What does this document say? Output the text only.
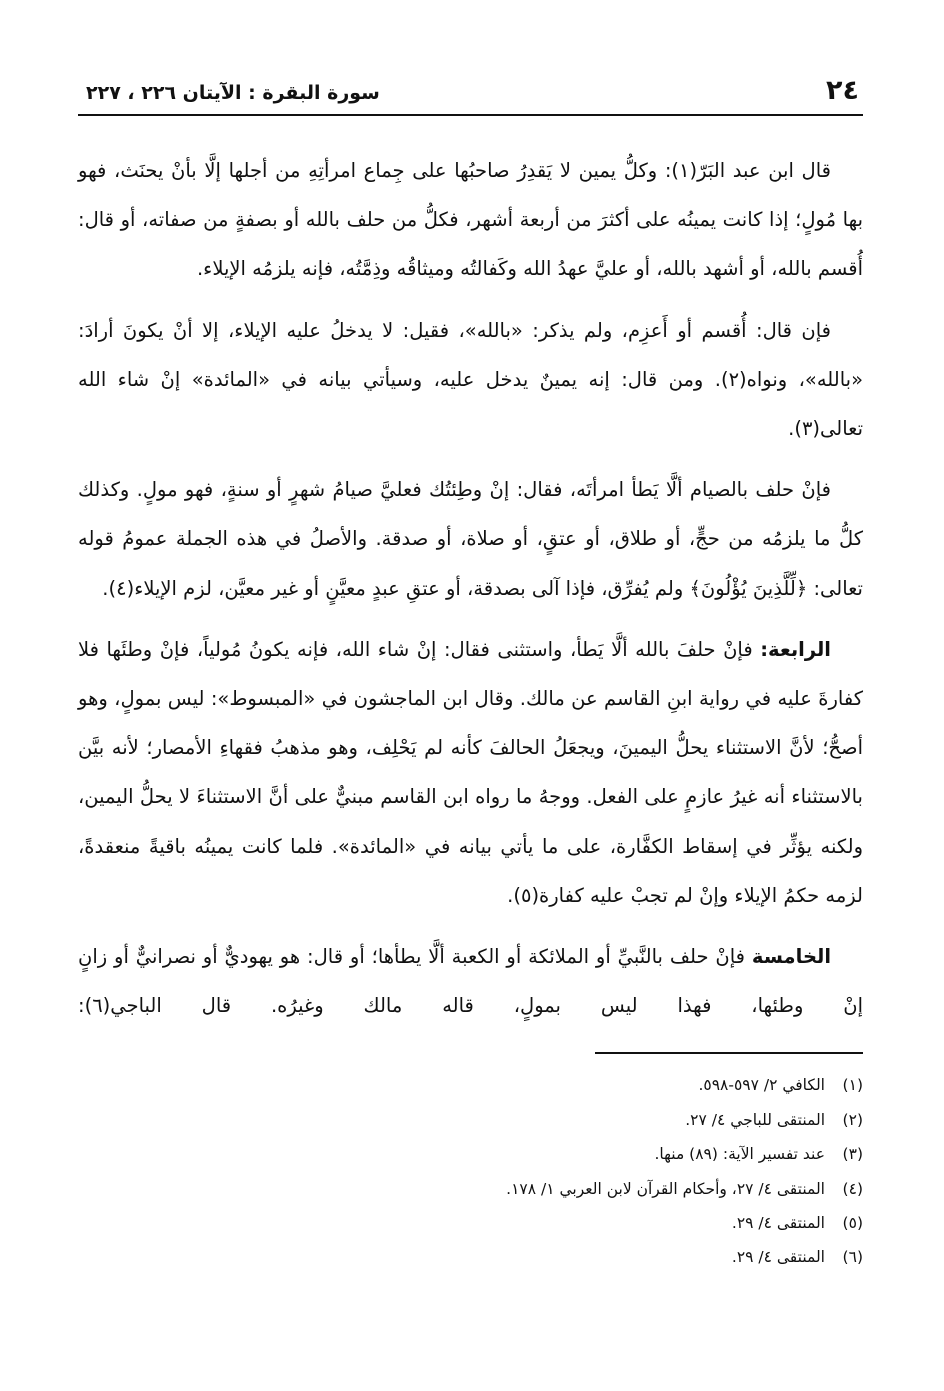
٢٤
سورة البقرة : الآيتان ٢٢٦ ، ٢٢٧

قال ابن عبد البَرّ(١): وكلُّ يمين لا يَقدِرُ صاحبُها على جِماع امرأتِهِ من أجلها إلَّا بأنْ يحنَث، فهو بها مُولٍ؛ إذا كانت يمينُه على أكثرَ من أربعة أشهر، فكلُّ من حلف بالله أو بصفةٍ من صفاته، أو قال: أُقسم بالله، أو أشهد بالله، أو عليَّ عهدُ الله وكَفالتُه وميثاقُه وذِمَّتُه، فإنه يلزمُه الإيلاء.

فإن قال: أُقسم أو أَعزِم، ولم يذكر: «بالله»، فقيل: لا يدخلُ عليه الإيلاء، إلا أنْ يكونَ أرادَ: «بالله»، ونواه(٢). ومن قال: إنه يمينٌ يدخل عليه، وسيأتي بيانه في «المائدة» إنْ شاء الله تعالى(٣).

فإنْ حلف بالصيام ألَّا يَطأ امرأتَه، فقال: إنْ وطِئتُك فعليَّ صيامُ شهرٍ أو سنةٍ، فهو مولٍ. وكذلك كلُّ ما يلزمُه من حجٍّ، أو طلاق، أو عتقٍ، أو صلاة، أو صدقة. والأصلُ في هذه الجملة عمومُ قوله تعالى: ﴿لِّلَّذِينَ يُؤْلُونَ﴾ ولم يُفرِّق، فإذا آلى بصدقة، أو عتقِ عبدٍ معيَّنٍ أو غير معيَّن، لزم الإيلاء(٤).

الرابعة: فإنْ حلفَ بالله ألَّا يَطأ، واستثنى فقال: إنْ شاء الله، فإنه يكونُ مُولياً، فإنْ وطئَها فلا كفارةَ عليه في رواية ابنِ القاسم عن مالك. وقال ابن الماجشون في «المبسوط»: ليس بمولٍ، وهو أصحُّ؛ لأنَّ الاستثناء يحلُّ اليمينَ، ويجعَلُ الحالفَ كأنه لم يَحْلِف، وهو مذهبُ فقهاءِ الأمصار؛ لأنه بيَّن بالاستثناء أنه غيرُ عازمٍ على الفعل. ووجهُ ما رواه ابن القاسم مبنيٌّ على أنَّ الاستثناءَ لا يحلُّ اليمين، ولكنه يؤثِّر في إسقاط الكفَّارة، على ما يأتي بيانه في «المائدة». فلما كانت يمينُه باقيةً منعقدةً، لزمه حكمُ الإيلاء وإنْ لم تجبْ عليه كفارة(٥).

الخامسة فإنْ حلف بالنَّبيِّ أو الملائكة أو الكعبة ألَّا يطأها؛ أو قال: هو يهوديٌّ أو نصرانيٌّ أو زانٍ إنْ وطئها، فهذا ليس بمولٍ، قاله مالك وغيرُه. قال الباجي(٦):

(١)الكافي ٢/ ٥٩٧-٥٩٨.
(٢)المنتقى للباجي ٤/ ٢٧.
(٣)عند تفسير الآية: (٨٩) منها.
(٤)المنتقى ٤/ ٢٧، وأحكام القرآن لابن العربي ١/ ١٧٨.
(٥)المنتقى ٤/ ٢٩.
(٦)المنتقى ٤/ ٢٩.
